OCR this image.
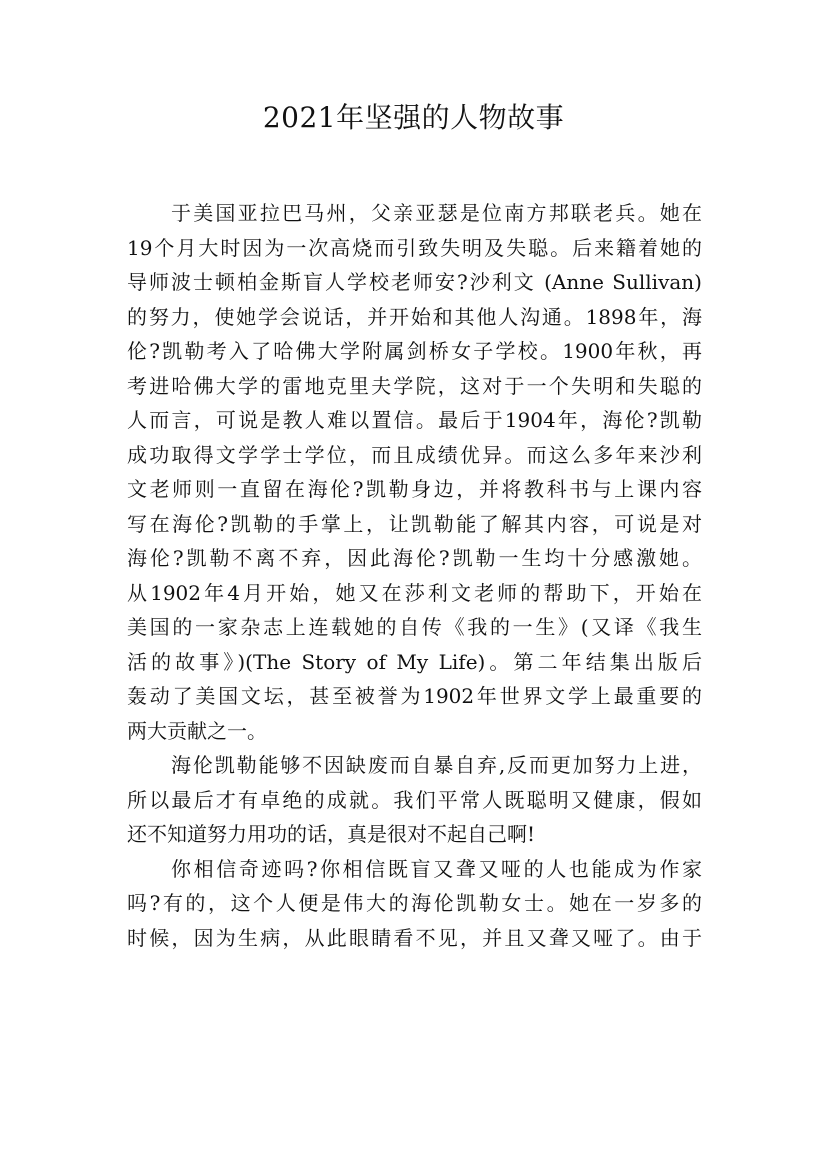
2021年坚强的人物故事
于美国亚拉巴马州，父亲亚瑟是位南方邦联老兵。她在
19个月大时因为一次高烧而引致失明及失聪。后来籍着她的
导师波士顿柏金斯盲人学校老师安?沙利文 (Anne Sullivan)
的努力，使她学会说话，并开始和其他人沟通。1898年，海
伦?凯勒考入了哈佛大学附属剑桥女子学校。1900年秋，再
考进哈佛大学的雷地克里夫学院，这对于一个失明和失聪的
人而言，可说是教人难以置信。最后于1904年，海伦?凯勒
成功取得文学学士学位，而且成绩优异。而这么多年来沙利
文老师则一直留在海伦?凯勒身边，并将教科书与上课内容
写在海伦?凯勒的手掌上，让凯勒能了解其内容，可说是对
海伦?凯勒不离不弃，因此海伦?凯勒一生均十分感激她。
从1902年4月开始，她又在莎利文老师的帮助下，开始在
美国的一家杂志上连载她的自传《我的一生》(又译《我生
活的故事》)(The Story of My Life)。第二年结集出版后
轰动了美国文坛，甚至被誉为1902年世界文学上最重要的
两大贡献之一。
海伦凯勒能够不因缺废而自暴自弃,反而更加努力上进，
所以最后才有卓绝的成就。我们平常人既聪明又健康，假如
还不知道努力用功的话，真是很对不起自己啊!
你相信奇迹吗?你相信既盲又聋又哑的人也能成为作家
吗?有的，这个人便是伟大的海伦凯勒女士。她在一岁多的
时候，因为生病，从此眼睛看不见，并且又聋又哑了。由于
